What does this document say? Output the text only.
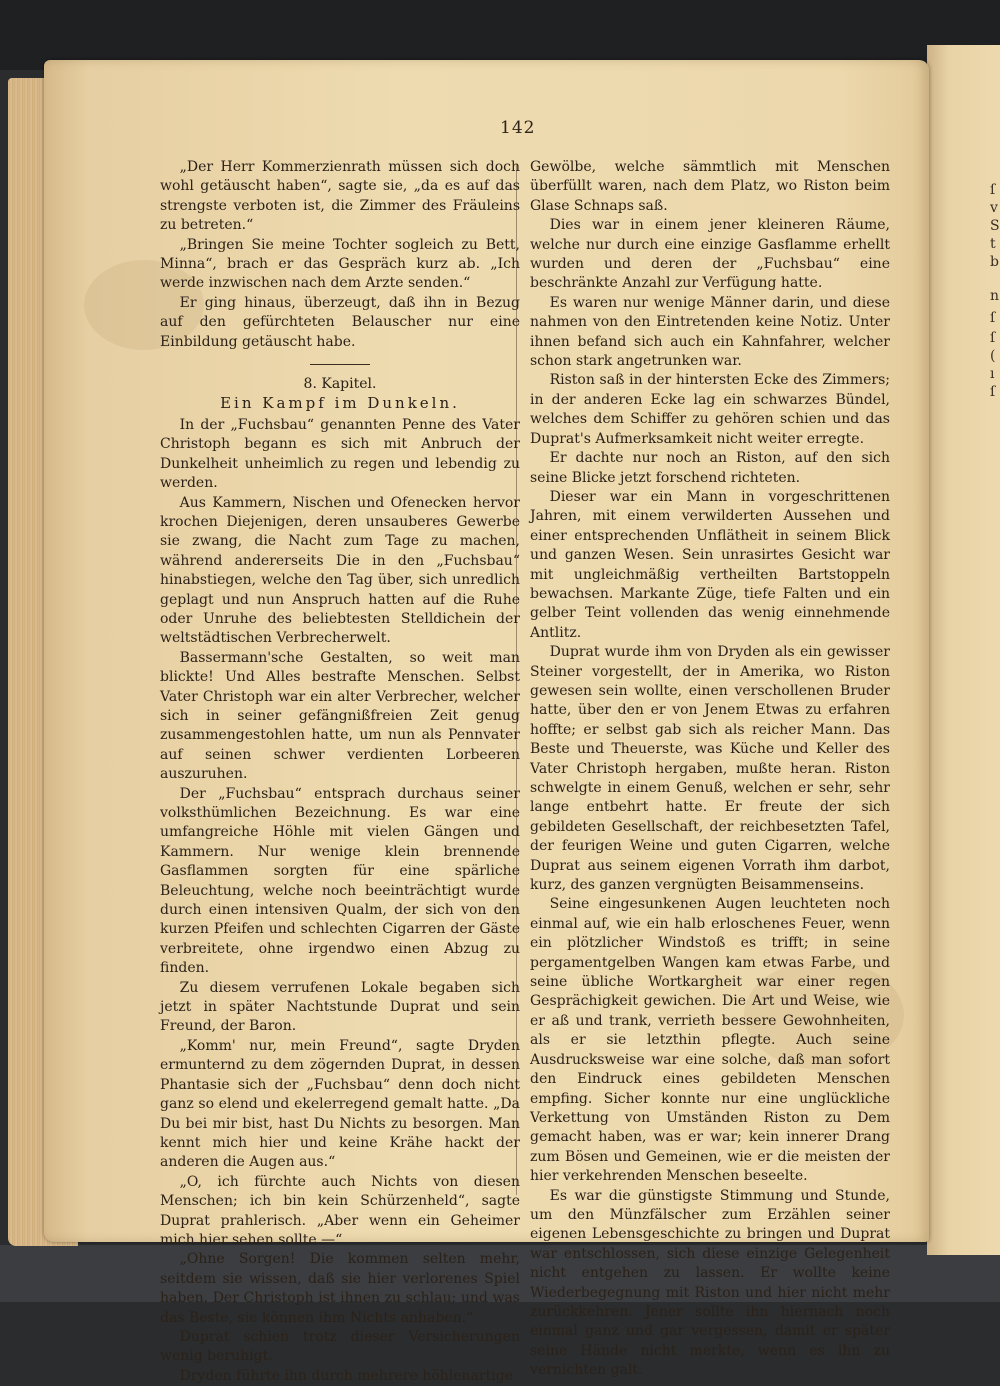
ſ
v
S
t
b
n
ſ
ſ
(
ı
ſ
142

„Der Herr Kommerzienrath müssen sich doch wohl getäuscht haben“, sagte sie, „da es auf das strengste verboten ist, die Zimmer des Fräuleins zu betreten.“

„Bringen Sie meine Tochter sogleich zu Bett, Minna“, brach er das Gespräch kurz ab. „Ich werde inzwischen nach dem Arzte senden.“

Er ging hinaus, überzeugt, daß ihn in Bezug auf den gefürchteten Belauscher nur eine Einbildung getäuscht habe.

8. Kapitel.

Ein Kampf im Dunkeln.

In der „Fuchsbau“ genannten Penne des Vater Christoph begann es sich mit Anbruch der Dunkelheit unheimlich zu regen und lebendig zu werden.

Aus Kammern, Nischen und Ofenecken hervor krochen Diejenigen, deren unsauberes Gewerbe sie zwang, die Nacht zum Tage zu machen, während andererseits Die in den „Fuchsbau“ hinabstiegen, welche den Tag über, sich unredlich geplagt und nun Anspruch hatten auf die Ruhe oder Unruhe des beliebtesten Stelldichein der weltstädtischen Verbrecherwelt.

Bassermann'sche Gestalten, so weit man blickte! Und Alles bestrafte Menschen. Selbst Vater Christoph war ein alter Verbrecher, welcher sich in seiner gefängnißfreien Zeit genug zusammengestohlen hatte, um nun als Pennvater auf seinen schwer verdienten Lorbeeren auszuruhen.

Der „Fuchsbau“ entsprach durchaus seiner volksthümlichen Bezeichnung. Es war eine umfangreiche Höhle mit vielen Gängen und Kammern. Nur wenige klein brennende Gasflammen sorgten für eine spärliche Beleuchtung, welche noch beeinträchtigt wurde durch einen intensiven Qualm, der sich von den kurzen Pfeifen und schlechten Cigarren der Gäste verbreitete, ohne irgendwo einen Abzug zu finden.

Zu diesem verrufenen Lokale begaben sich jetzt in später Nachtstunde Duprat und sein Freund, der Baron.

„Komm' nur, mein Freund“, sagte Dryden ermunternd zu dem zögernden Duprat, in dessen Phantasie sich der „Fuchsbau“ denn doch nicht ganz so elend und ekelerregend gemalt hatte. „Da Du bei mir bist, hast Du Nichts zu besorgen. Man kennt mich hier und keine Krähe hackt der anderen die Augen aus.“

„O, ich fürchte auch Nichts von diesen Menschen; ich bin kein Schürzenheld“, sagte Duprat prahlerisch. „Aber wenn ein Geheimer mich hier sehen sollte —“

„Ohne Sorgen! Die kommen selten mehr, seitdem sie wissen, daß sie hier verlorenes Spiel haben. Der Christoph ist ihnen zu schlau; und was das Beste, sie können ihm Nichts anhaben.“

Duprat schien trotz dieser Versicherungen wenig beruhigt.

Dryden führte ihn durch mehrere höhlenartige

Gewölbe, welche sämmtlich mit Menschen überfüllt waren, nach dem Platz, wo Riston beim Glase Schnaps saß.

Dies war in einem jener kleineren Räume, welche nur durch eine einzige Gasflamme erhellt wurden und deren der „Fuchsbau“ eine beschränkte Anzahl zur Verfügung hatte.

Es waren nur wenige Männer darin, und diese nahmen von den Eintretenden keine Notiz. Unter ihnen befand sich auch ein Kahnfahrer, welcher schon stark angetrunken war.

Riston saß in der hintersten Ecke des Zimmers; in der anderen Ecke lag ein schwarzes Bündel, welches dem Schiffer zu gehören schien und das Duprat's Aufmerksamkeit nicht weiter erregte.

Er dachte nur noch an Riston, auf den sich seine Blicke jetzt forschend richteten.

Dieser war ein Mann in vorgeschrittenen Jahren, mit einem verwilderten Aussehen und einer entsprechenden Unflätheit in seinem Blick und ganzen Wesen. Sein unrasirtes Gesicht war mit ungleichmäßig vertheilten Bartstoppeln bewachsen. Markante Züge, tiefe Falten und ein gelber Teint vollenden das wenig einnehmende Antlitz.

Duprat wurde ihm von Dryden als ein gewisser Steiner vorgestellt, der in Amerika, wo Riston gewesen sein wollte, einen verschollenen Bruder hatte, über den er von Jenem Etwas zu erfahren hoffte; er selbst gab sich als reicher Mann. Das Beste und Theuerste, was Küche und Keller des Vater Christoph hergaben, mußte heran. Riston schwelgte in einem Genuß, welchen er sehr, sehr lange entbehrt hatte. Er freute der sich gebildeten Gesellschaft, der reichbesetzten Tafel, der feurigen Weine und guten Cigarren, welche Duprat aus seinem eigenen Vorrath ihm darbot, kurz, des ganzen vergnügten Beisammenseins.

Seine eingesunkenen Augen leuchteten noch einmal auf, wie ein halb erloschenes Feuer, wenn ein plötzlicher Windstoß es trifft; in seine pergamentgelben Wangen kam etwas Farbe, und seine übliche Wortkargheit war einer regen Gesprächigkeit gewichen. Die Art und Weise, wie er aß und trank, verrieth bessere Gewohnheiten, als er sie letzthin pflegte. Auch seine Ausdrucksweise war eine solche, daß man sofort den Eindruck eines gebildeten Menschen empfing. Sicher konnte nur eine unglückliche Verkettung von Umständen Riston zu Dem gemacht haben, was er war; kein innerer Drang zum Bösen und Gemeinen, wie er die meisten der hier verkehrenden Menschen beseelte.

Es war die günstigste Stimmung und Stunde, um den Münzfälscher zum Erzählen seiner eigenen Lebensgeschichte zu bringen und Duprat war entschlossen, sich diese einzige Gelegenheit nicht entgehen zu lassen. Er wollte keine Wiederbegegnung mit Riston und hier nicht mehr zurückkehren. Jener sollte ihn hiernach noch einmal ganz und gar vergessen, damit er später seine Hände nicht merkte, wenn es ihn zu vernichten galt.
